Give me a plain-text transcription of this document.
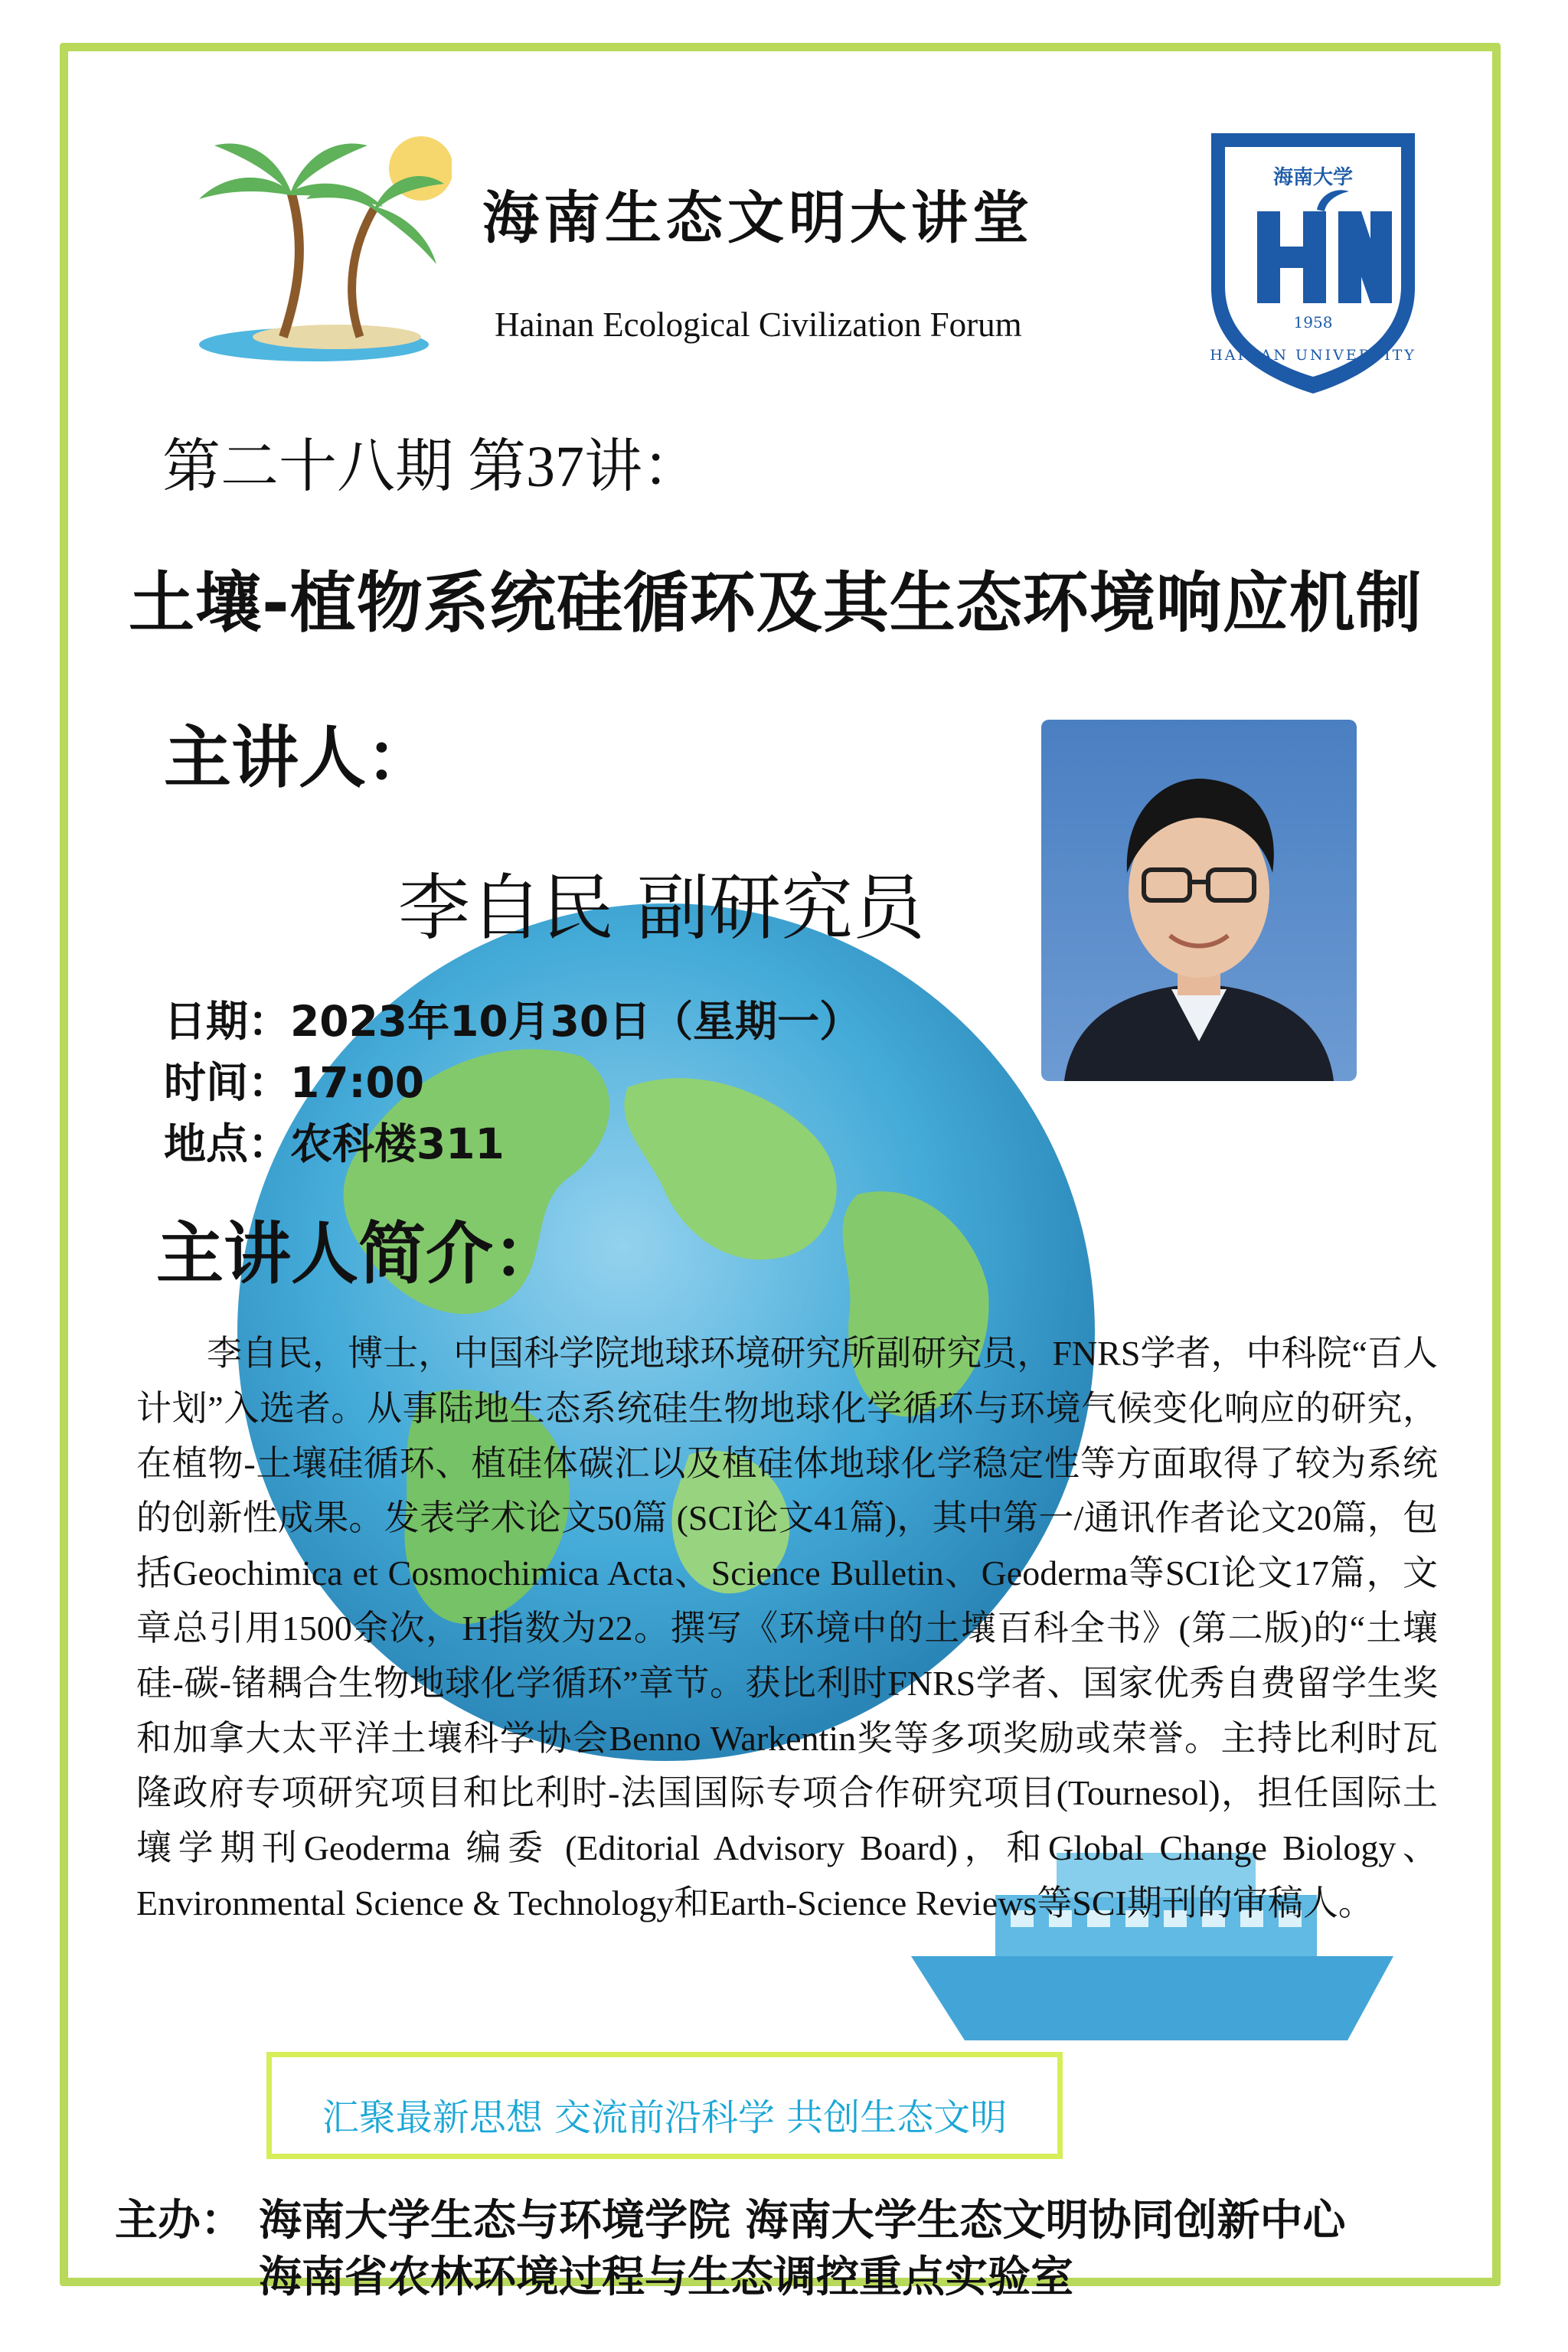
海南生态文明大讲堂
Hainan Ecological Civilization Forum
海南大学
1958
HAINAN UNIVERSITY
第二十八期 第37讲：
土壤-植物系统硅循环及其生态环境响应机制
主讲人：
李自民 副研究员
日期：2023年10月30日（星期一）
时间：17:00
地点：农科楼311
主讲人简介：
李自民，博士，中国科学院地球环境研究所副研究员，FNRS学者，中科院“百人计划”入选者。从事陆地生态系统硅生物地球化学循环与环境气候变化响应的研究，在植物-土壤硅循环、植硅体碳汇以及植硅体地球化学稳定性等方面取得了较为系统的创新性成果。发表学术论文50篇 (SCI论文41篇)，其中第一/通讯作者论文20篇，包括Geochimica et Cosmochimica Acta、Science Bulletin、Geoderma等SCI论文17篇，文章总引用1500余次，H指数为22。撰写《环境中的土壤百科全书》(第二版)的“土壤硅-碳-锗耦合生物地球化学循环”章节。获比利时FNRS学者、国家优秀自费留学生奖和加拿大太平洋土壤科学协会Benno Warkentin奖等多项奖励或荣誉。主持比利时瓦隆政府专项研究项目和比利时-法国国际专项合作研究项目(Tournesol)，担任国际土壤学期刊Geoderma 编委 (Editorial Advisory Board)，和Global Change Biology、Environmental Science & Technology和Earth-Science Reviews等SCI期刊的审稿人。
汇聚最新思想 交流前沿科学 共创生态文明
主办： 海南大学生态与环境学院 海南大学生态文明协同创新中心
海南省农林环境过程与生态调控重点实验室
